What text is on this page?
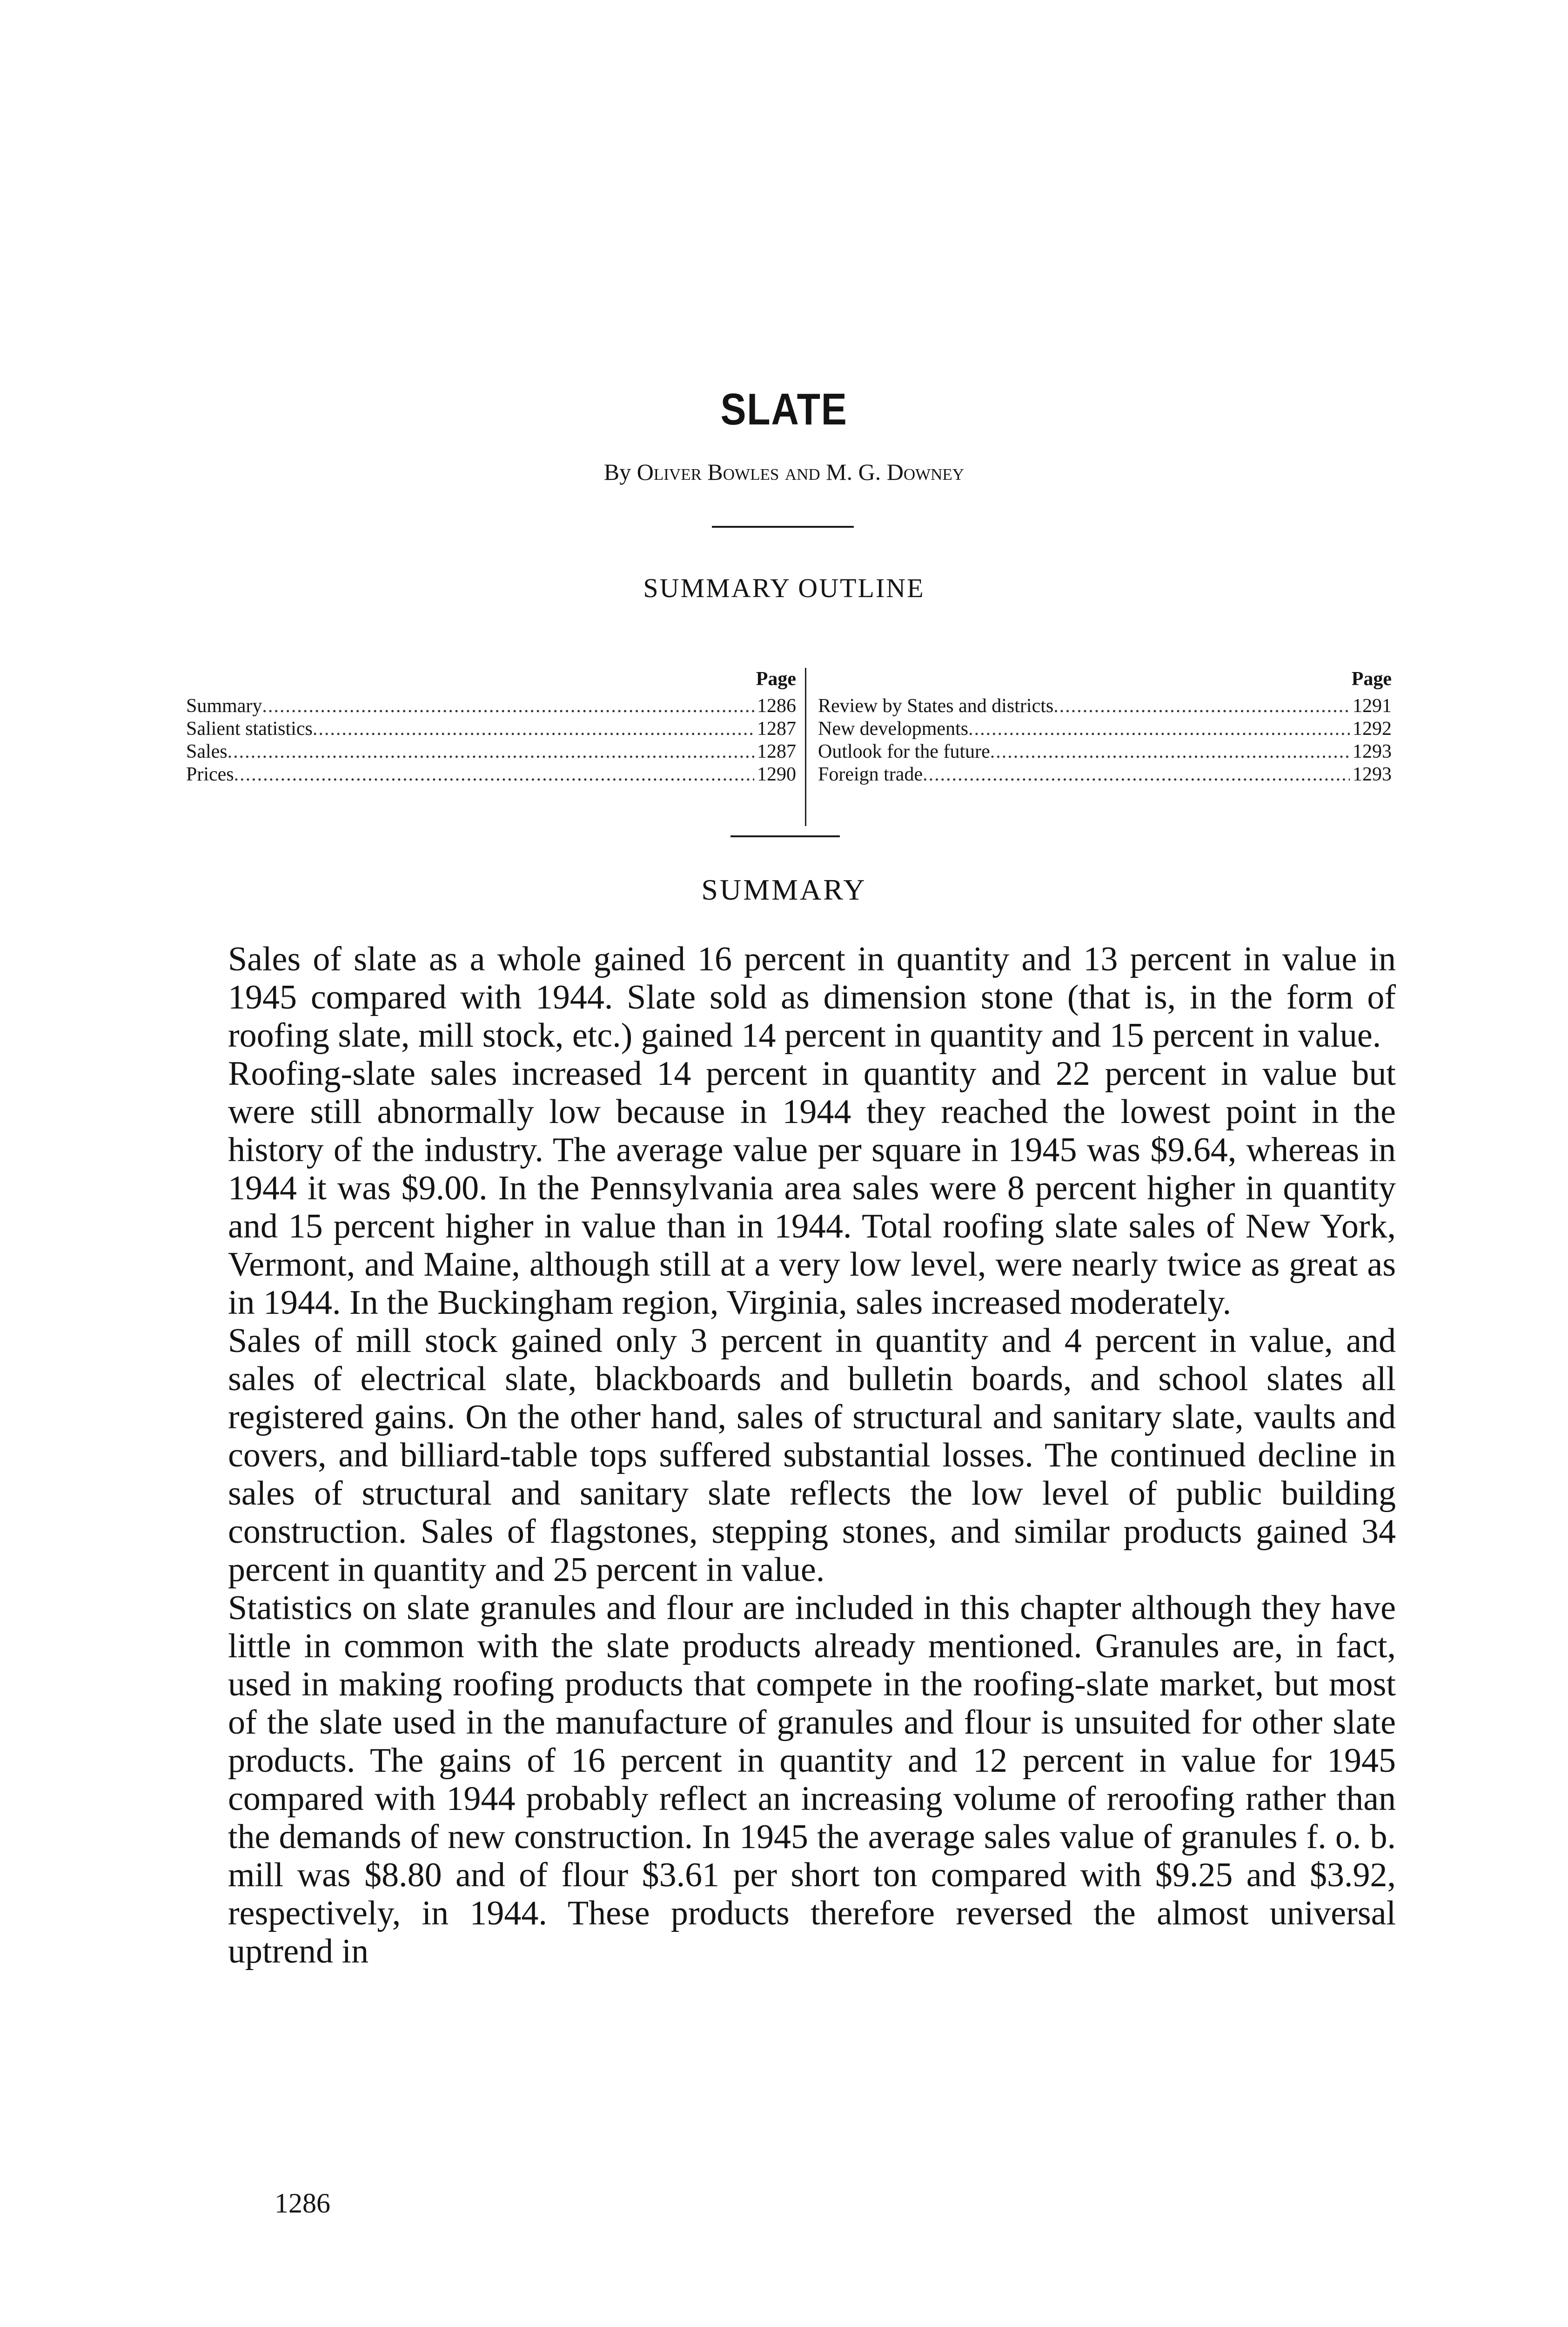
SLATE
By Oliver Bowles and M. G. Downey
SUMMARY OUTLINE
Page
Summary .....	1286
Salient statistics .....	1287
Sales .....	1287
Prices .....	1290
Page
Review by States and districts .....	1291
New developments .....	1292
Outlook for the future .....	1293
Foreign trade .....	1293
SUMMARY

Sales of slate as a whole gained 16 percent in quantity and 13 percent in value in 1945 compared with 1944. Slate sold as dimension stone (that is, in the form of roofing slate, mill stock, etc.) gained 14 percent in quantity and 15 percent in value.

Roofing-slate sales increased 14 percent in quantity and 22 percent in value but were still abnormally low because in 1944 they reached the lowest point in the history of the industry. The average value per square in 1945 was $9.64, whereas in 1944 it was $9.00. In the Pennsylvania area sales were 8 percent higher in quantity and 15 percent higher in value than in 1944. Total roofing slate sales of New York, Vermont, and Maine, although still at a very low level, were nearly twice as great as in 1944. In the Buckingham region, Virginia, sales increased moderately.

Sales of mill stock gained only 3 percent in quantity and 4 percent in value, and sales of electrical slate, blackboards and bulletin boards, and school slates all registered gains. On the other hand, sales of structural and sanitary slate, vaults and covers, and billiard-table tops suffered substantial losses. The continued decline in sales of structural and sanitary slate reflects the low level of public building construction. Sales of flagstones, stepping stones, and similar products gained 34 percent in quantity and 25 percent in value.

Statistics on slate granules and flour are included in this chapter although they have little in common with the slate products already mentioned. Granules are, in fact, used in making roofing products that compete in the roofing-slate market, but most of the slate used in the manufacture of granules and flour is unsuited for other slate products. The gains of 16 percent in quantity and 12 percent in value for 1945 compared with 1944 probably reflect an increasing volume of reroofing rather than the demands of new construction. In 1945 the average sales value of granules f. o. b. mill was $8.80 and of flour $3.61 per short ton compared with $9.25 and $3.92, respectively, in 1944. These products therefore reversed the almost universal uptrend in

1286
